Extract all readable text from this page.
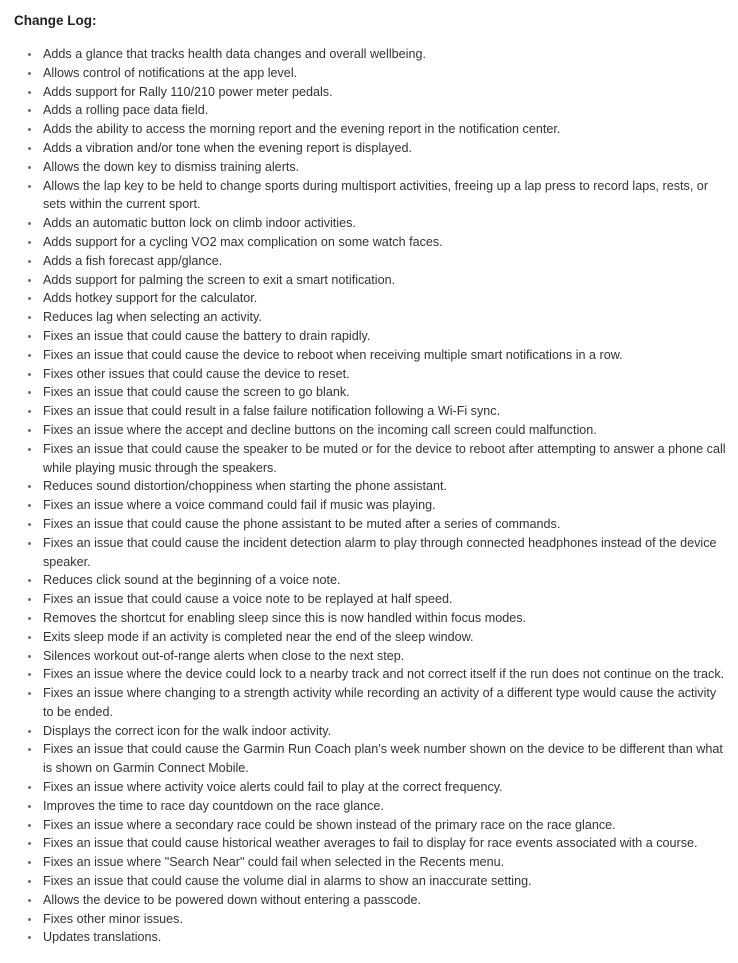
Change Log:
• Adds a glance that tracks health data changes and overall wellbeing.
• Allows control of notifications at the app level.
• Adds support for Rally 110/210 power meter pedals.
• Adds a rolling pace data field.
• Adds the ability to access the morning report and the evening report in the notification center.
• Adds a vibration and/or tone when the evening report is displayed.
• Allows the down key to dismiss training alerts.
• Allows the lap key to be held to change sports during multisport activities, freeing up a lap press to record laps, rests, or sets within the current sport.
• Adds an automatic button lock on climb indoor activities.
• Adds support for a cycling VO2 max complication on some watch faces.
• Adds a fish forecast app/glance.
• Adds support for palming the screen to exit a smart notification.
• Adds hotkey support for the calculator.
• Reduces lag when selecting an activity.
• Fixes an issue that could cause the battery to drain rapidly.
• Fixes an issue that could cause the device to reboot when receiving multiple smart notifications in a row.
• Fixes other issues that could cause the device to reset.
• Fixes an issue that could cause the screen to go blank.
• Fixes an issue that could result in a false failure notification following a Wi-Fi sync.
• Fixes an issue where the accept and decline buttons on the incoming call screen could malfunction.
• Fixes an issue that could cause the speaker to be muted or for the device to reboot after attempting to answer a phone call while playing music through the speakers.
• Reduces sound distortion/choppiness when starting the phone assistant.
• Fixes an issue where a voice command could fail if music was playing.
• Fixes an issue that could cause the phone assistant to be muted after a series of commands.
• Fixes an issue that could cause the incident detection alarm to play through connected headphones instead of the device speaker.
• Reduces click sound at the beginning of a voice note.
• Fixes an issue that could cause a voice note to be replayed at half speed.
• Removes the shortcut for enabling sleep since this is now handled within focus modes.
• Exits sleep mode if an activity is completed near the end of the sleep window.
• Silences workout out-of-range alerts when close to the next step.
• Fixes an issue where the device could lock to a nearby track and not correct itself if the run does not continue on the track.
• Fixes an issue where changing to a strength activity while recording an activity of a different type would cause the activity to be ended.
• Displays the correct icon for the walk indoor activity.
• Fixes an issue that could cause the Garmin Run Coach plan's week number shown on the device to be different than what is shown on Garmin Connect Mobile.
• Fixes an issue where activity voice alerts could fail to play at the correct frequency.
• Improves the time to race day countdown on the race glance.
• Fixes an issue where a secondary race could be shown instead of the primary race on the race glance.
• Fixes an issue that could cause historical weather averages to fail to display for race events associated with a course.
• Fixes an issue where "Search Near" could fail when selected in the Recents menu.
• Fixes an issue that could cause the volume dial in alarms to show an inaccurate setting.
• Allows the device to be powered down without entering a passcode.
• Fixes other minor issues.
• Updates translations.
